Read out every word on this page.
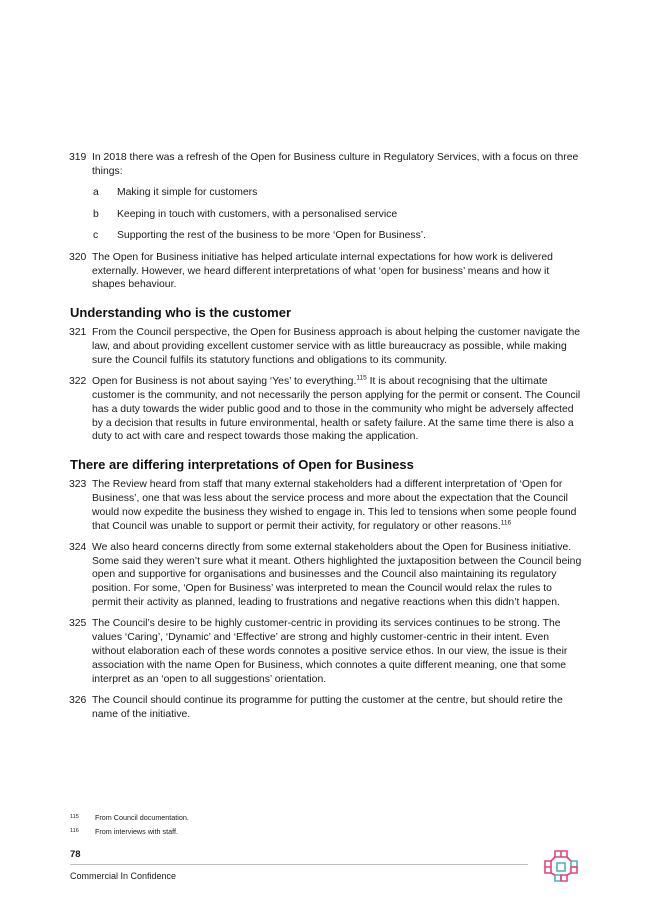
319 In 2018 there was a refresh of the Open for Business culture in Regulatory Services, with a focus on three things:
a	Making it simple for customers
b	Keeping in touch with customers, with a personalised service
c	Supporting the rest of the business to be more ‘Open for Business’.
320 The Open for Business initiative has helped articulate internal expectations for how work is delivered externally. However, we heard different interpretations of what ‘open for business’ means and how it shapes behaviour.
Understanding who is the customer
321 From the Council perspective, the Open for Business approach is about helping the customer navigate the law, and about providing excellent customer service with as little bureaucracy as possible, while making sure the Council fulfils its statutory functions and obligations to its community.
322 Open for Business is not about saying ‘Yes’ to everything.$^{115}$ It is about recognising that the ultimate customer is the community, and not necessarily the person applying for the permit or consent. The Council has a duty towards the wider public good and to those in the community who might be adversely affected by a decision that results in future environmental, health or safety failure. At the same time there is also a duty to act with care and respect towards those making the application.
There are differing interpretations of Open for Business
323 The Review heard from staff that many external stakeholders had a different interpretation of ‘Open for Business’, one that was less about the service process and more about the expectation that the Council would now expedite the business they wished to engage in. This led to tensions when some people found that Council was unable to support or permit their activity, for regulatory or other reasons.$^{116}$
324 We also heard concerns directly from some external stakeholders about the Open for Business initiative. Some said they weren’t sure what it meant. Others highlighted the juxtaposition between the Council being open and supportive for organisations and businesses and the Council also maintaining its regulatory position. For some, ‘Open for Business’ was interpreted to mean the Council would relax the rules to permit their activity as planned, leading to frustrations and negative reactions when this didn’t happen.
325 The Council’s desire to be highly customer-centric in providing its services continues to be strong. The values ‘Caring’, ‘Dynamic’ and ‘Effective’ are strong and highly customer-centric in their intent. Even without elaboration each of these words connotes a positive service ethos. In our view, the issue is their association with the name Open for Business, which connotes a quite different meaning, one that some interpret as an ‘open to all suggestions’ orientation.
326 The Council should continue its programme for putting the customer at the centre, but should retire the name of the initiative.
115	From Council documentation.
116	From interviews with staff.
78
Commercial In Confidence
